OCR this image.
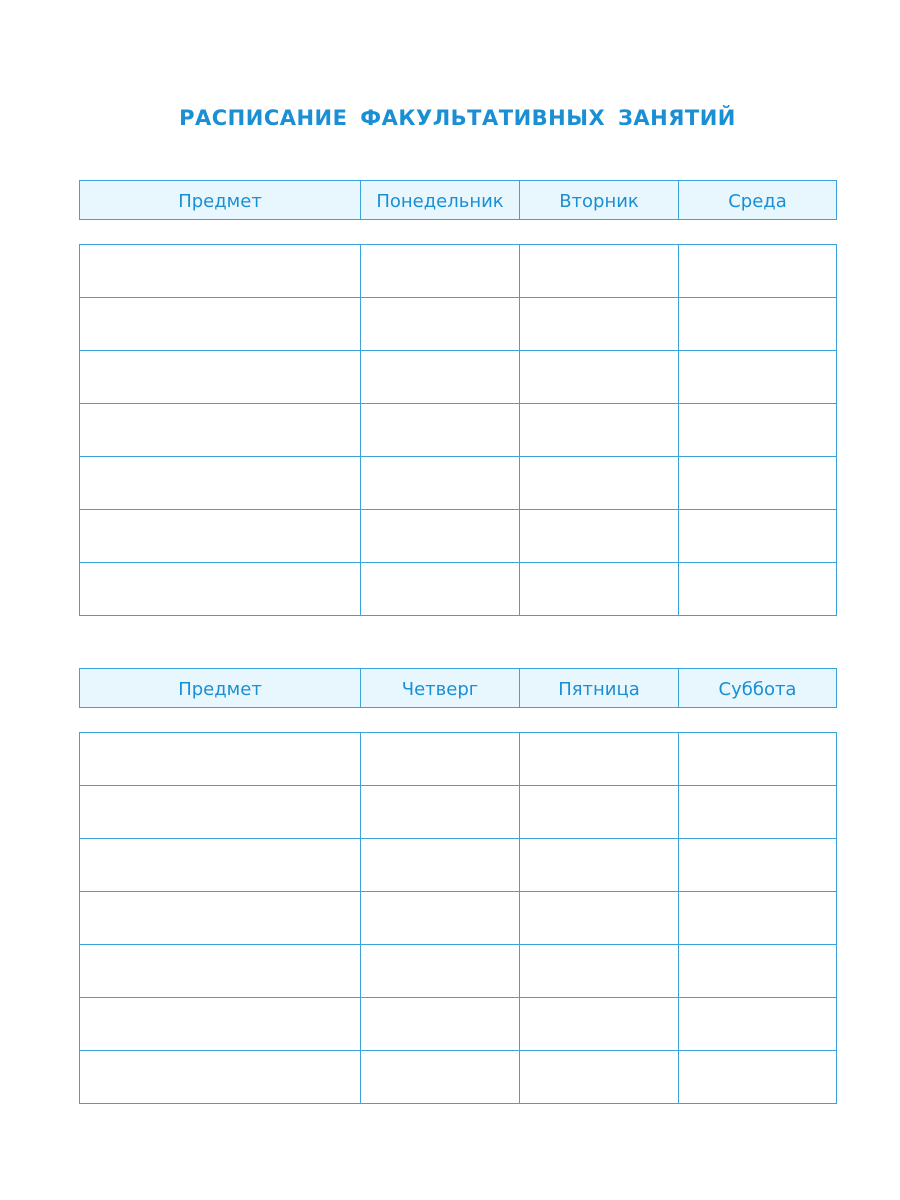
РАСПИСАНИЕ ФАКУЛЬТАТИВНЫХ ЗАНЯТИЙ
Предмет	Понедельник	Вторник	Среда

Предмет	Четверг	Пятница	Суббота
